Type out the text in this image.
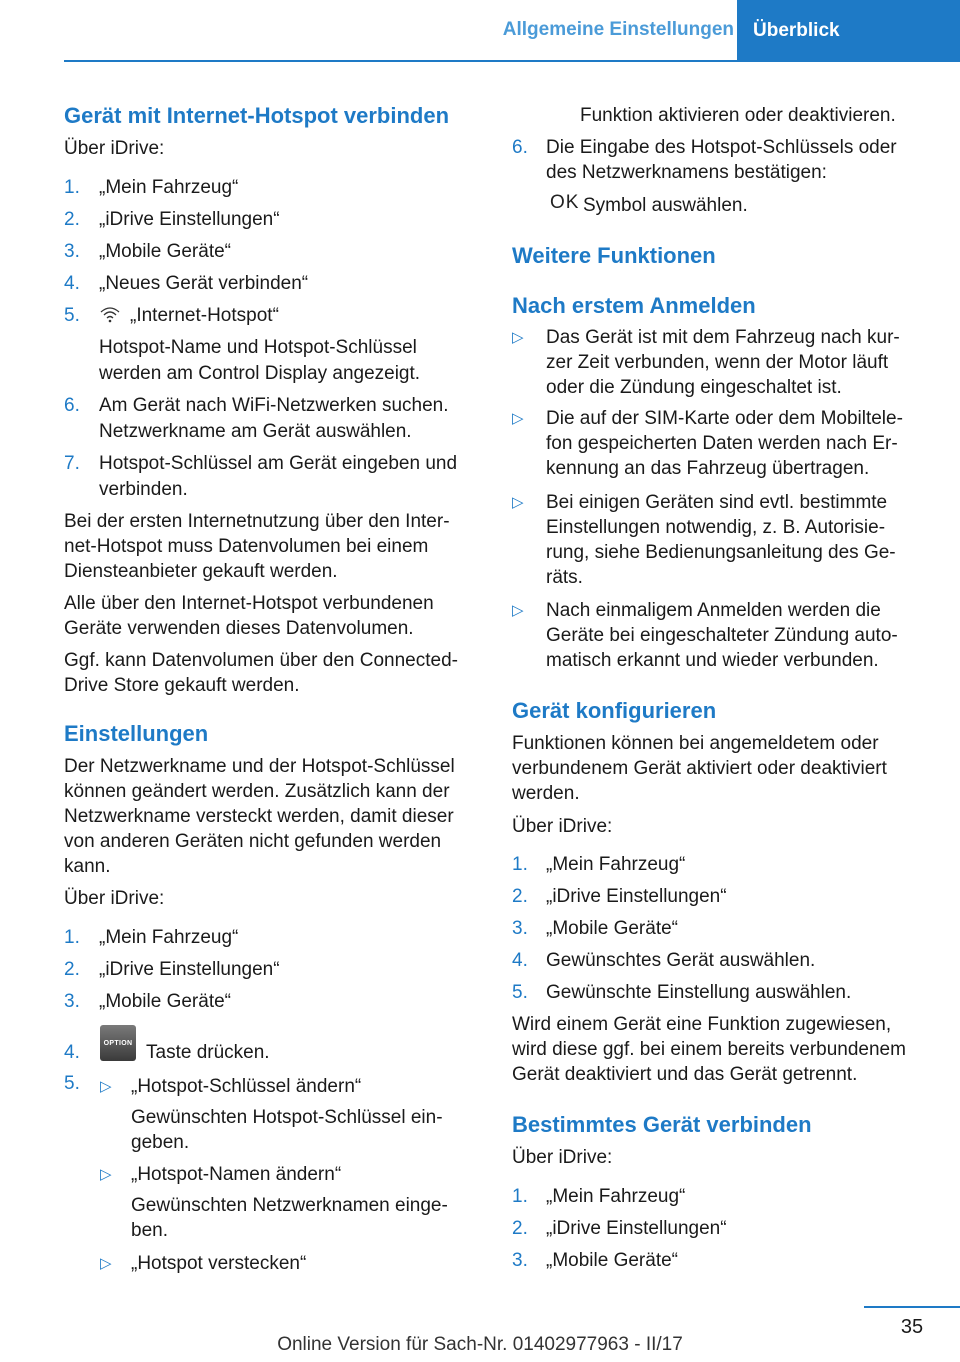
Allgemeine Einstellungen	Überblick
Gerät mit Internet-Hotspot verbinden
Über iDrive:
1. „Mein Fahrzeug“
2. „iDrive Einstellungen“
3. „Mobile Geräte“
4. „Neues Gerät verbinden“
5.	„Internet-Hotspot“
Hotspot-Name und Hotspot-Schlüssel
werden am Control Display angezeigt.
6. Am Gerät nach WiFi-Netzwerken suchen.
Netzwerkname am Gerät auswählen.
7. Hotspot-Schlüssel am Gerät eingeben und
verbinden.
Bei der ersten Internetnutzung über den Inter-
net-Hotspot muss Datenvolumen bei einem
Diensteanbieter gekauft werden.
Alle über den Internet-Hotspot verbundenen
Geräte verwenden dieses Datenvolumen.
Ggf. kann Datenvolumen über den Connected-
Drive Store gekauft werden.
Einstellungen
Der Netzwerkname und der Hotspot-Schlüssel
können geändert werden. Zusätzlich kann der
Netzwerkname versteckt werden, damit dieser
von anderen Geräten nicht gefunden werden
kann.
Über iDrive:
1. „Mein Fahrzeug“
2. „iDrive Einstellungen“
3. „Mobile Geräte“
4.	OPTION Taste drücken.
5. ▷ „Hotspot-Schlüssel ändern“
Gewünschten Hotspot-Schlüssel ein-
geben.
▷ „Hotspot-Namen ändern“
Gewünschten Netzwerknamen einge-
ben.
▷ „Hotspot verstecken“
Funktion aktivieren oder deaktivieren.
6. Die Eingabe des Hotspot-Schlüssels oder
des Netzwerknamens bestätigen:
OK Symbol auswählen.
Weitere Funktionen
Nach erstem Anmelden
▷ Das Gerät ist mit dem Fahrzeug nach kur-
zer Zeit verbunden, wenn der Motor läuft
oder die Zündung eingeschaltet ist.
▷ Die auf der SIM-Karte oder dem Mobiltele-
fon gespeicherten Daten werden nach Er-
kennung an das Fahrzeug übertragen.
▷ Bei einigen Geräten sind evtl. bestimmte
Einstellungen notwendig, z. B. Autorisie-
rung, siehe Bedienungsanleitung des Ge-
räts.
▷ Nach einmaligem Anmelden werden die
Geräte bei eingeschalteter Zündung auto-
matisch erkannt und wieder verbunden.
Gerät konfigurieren
Funktionen können bei angemeldetem oder
verbundenem Gerät aktiviert oder deaktiviert
werden.
Über iDrive:
1. „Mein Fahrzeug“
2. „iDrive Einstellungen“
3. „Mobile Geräte“
4. Gewünschtes Gerät auswählen.
5. Gewünschte Einstellung auswählen.
Wird einem Gerät eine Funktion zugewiesen,
wird diese ggf. bei einem bereits verbundenem
Gerät deaktiviert und das Gerät getrennt.
Bestimmtes Gerät verbinden
Über iDrive:
1. „Mein Fahrzeug“
2. „iDrive Einstellungen“
3. „Mobile Geräte“
35
Online Version für Sach-Nr. 01402977963 - II/17
